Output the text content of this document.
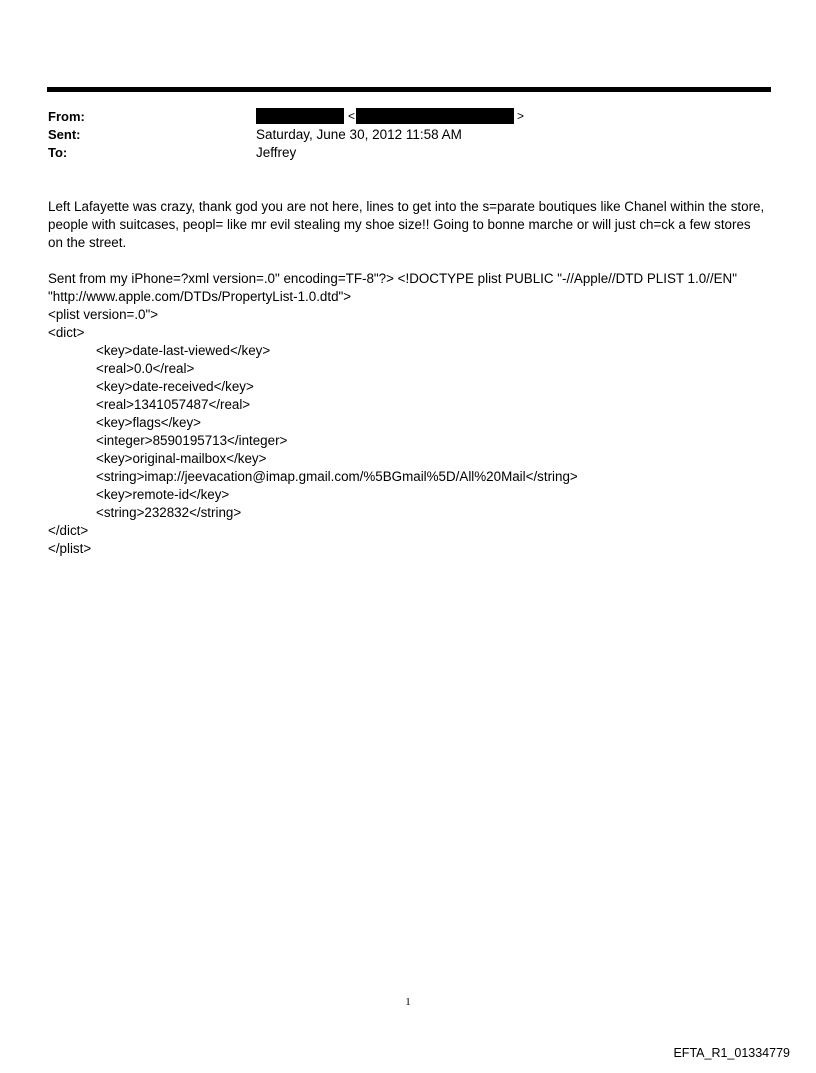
From:
Sent:
To:
<	>
Saturday, June 30, 2012 11:58 AM
Jeffrey

Left Lafayette was crazy, thank god you are not here, lines to get into the s=parate boutiques like Chanel within the store, people with suitcases, peopl= like mr evil stealing my shoe size!! Going to bonne marche or will just ch=ck a few stores on the street.

Sent from my iPhone=?xml version=.0" encoding=TF-8"?> <!DOCTYPE plist PUBLIC "-//Apple//DTD PLIST 1.0//EN"
"http://www.apple.com/DTDs/PropertyList-1.0.dtd">
<plist version=.0">
<dict>
<key>date-last-viewed</key>
<real>0.0</real>
<key>date-received</key>
<real>1341057487</real>
<key>flags</key>
<integer>8590195713</integer>
<key>original-mailbox</key>
<string>imap://jeevacation@imap.gmail.com/%5BGmail%5D/All%20Mail</string>
<key>remote-id</key>
<string>232832</string>
</dict>
</plist>
1
EFTA_R1_01334779
